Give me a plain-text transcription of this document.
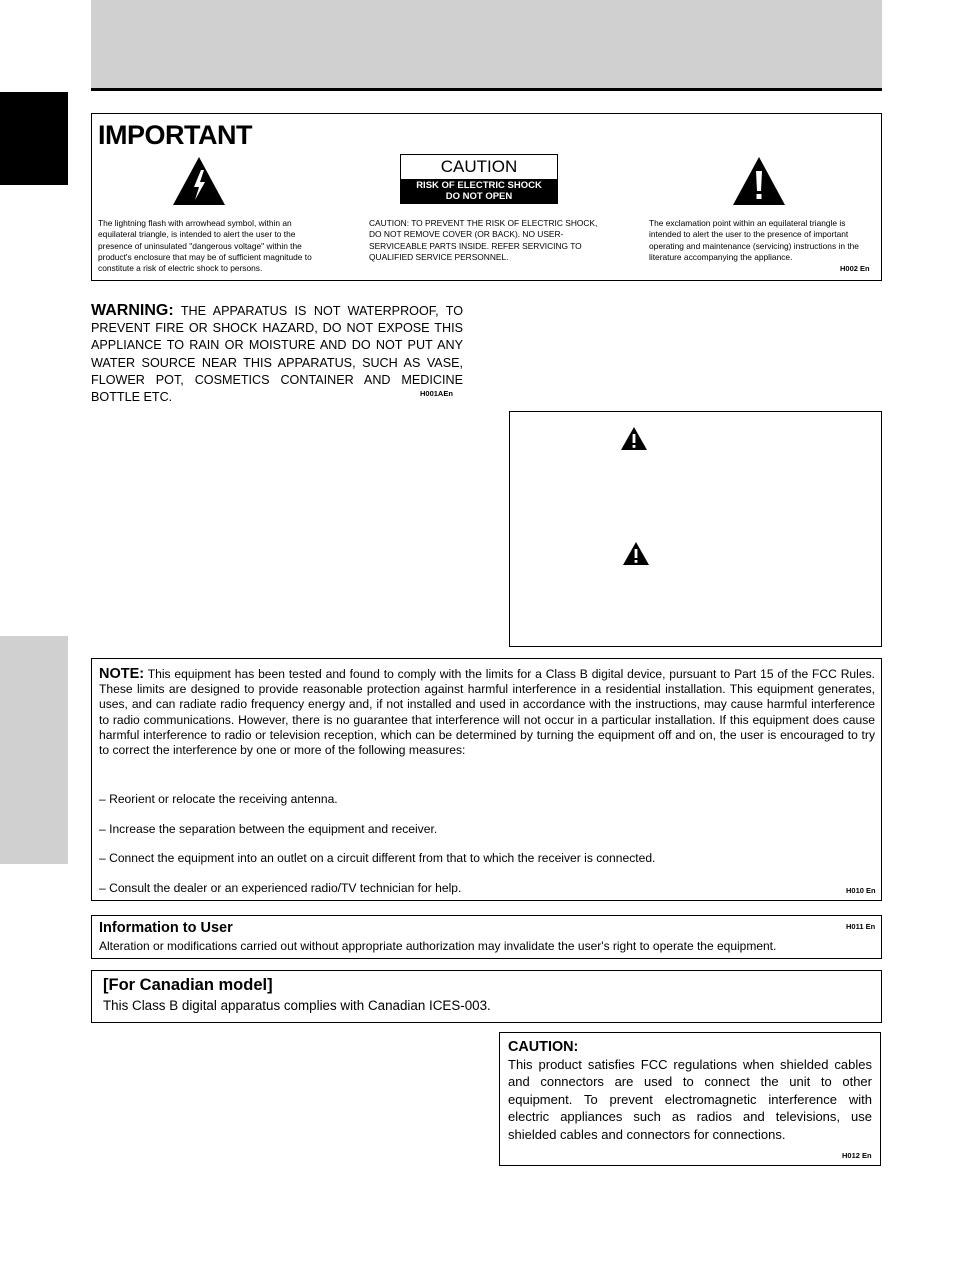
IMPORTANT
CAUTION
RISK OF ELECTRIC SHOCK
DO NOT OPEN
The lightning flash with arrowhead symbol, within an equilateral triangle, is intended to alert the user to the presence of uninsulated "dangerous voltage" within the product's enclosure that may be of sufficient magnitude to constitute a risk of electric shock to persons.
CAUTION: TO PREVENT THE RISK OF ELECTRIC SHOCK, DO NOT REMOVE COVER (OR BACK). NO USER-SERVICEABLE PARTS INSIDE. REFER SERVICING TO QUALIFIED SERVICE PERSONNEL.
The exclamation point within an equilateral triangle is intended to alert the user to the presence of important operating and maintenance (servicing) instructions in the literature accompanying the appliance.
H002 En
WARNING: THE APPARATUS IS NOT WATERPROOF, TO PREVENT FIRE OR SHOCK HAZARD, DO NOT EXPOSE THIS APPLIANCE TO RAIN OR MOISTURE AND DO NOT PUT ANY WATER SOURCE NEAR THIS APPARATUS, SUCH AS VASE, FLOWER POT, COSMETICS CONTAINER AND MEDICINE BOTTLE ETC.	H001AEn
NOTE: This equipment has been tested and found to comply with the limits for a Class B digital device, pursuant to Part 15 of the FCC Rules. These limits are designed to provide reasonable protection against harmful interference in a residential installation. This equipment generates, uses, and can radiate radio frequency energy and, if not installed and used in accordance with the instructions, may cause harmful interference to radio communications. However, there is no guarantee that interference will not occur in a particular installation. If this equipment does cause harmful interference to radio or television reception, which can be determined by turning the equipment off and on, the user is encouraged to try to correct the interference by one or more of the following measures:
– Reorient or relocate the receiving antenna.
– Increase the separation between the equipment and receiver.
– Connect the equipment into an outlet on a circuit different from that to which the receiver is connected.
– Consult the dealer or an experienced radio/TV technician for help.	H010 En
Information to User	H011 En
Alteration or modifications carried out without appropriate authorization may invalidate the user's right to operate the equipment.
[For Canadian model]
This Class B digital apparatus complies with Canadian ICES-003.
CAUTION:
This product satisfies FCC regulations when shielded cables and connectors are used to connect the unit to other equipment. To prevent electromagnetic interference with electric appliances such as radios and televisions, use shielded cables and connectors for connections.
H012 En
